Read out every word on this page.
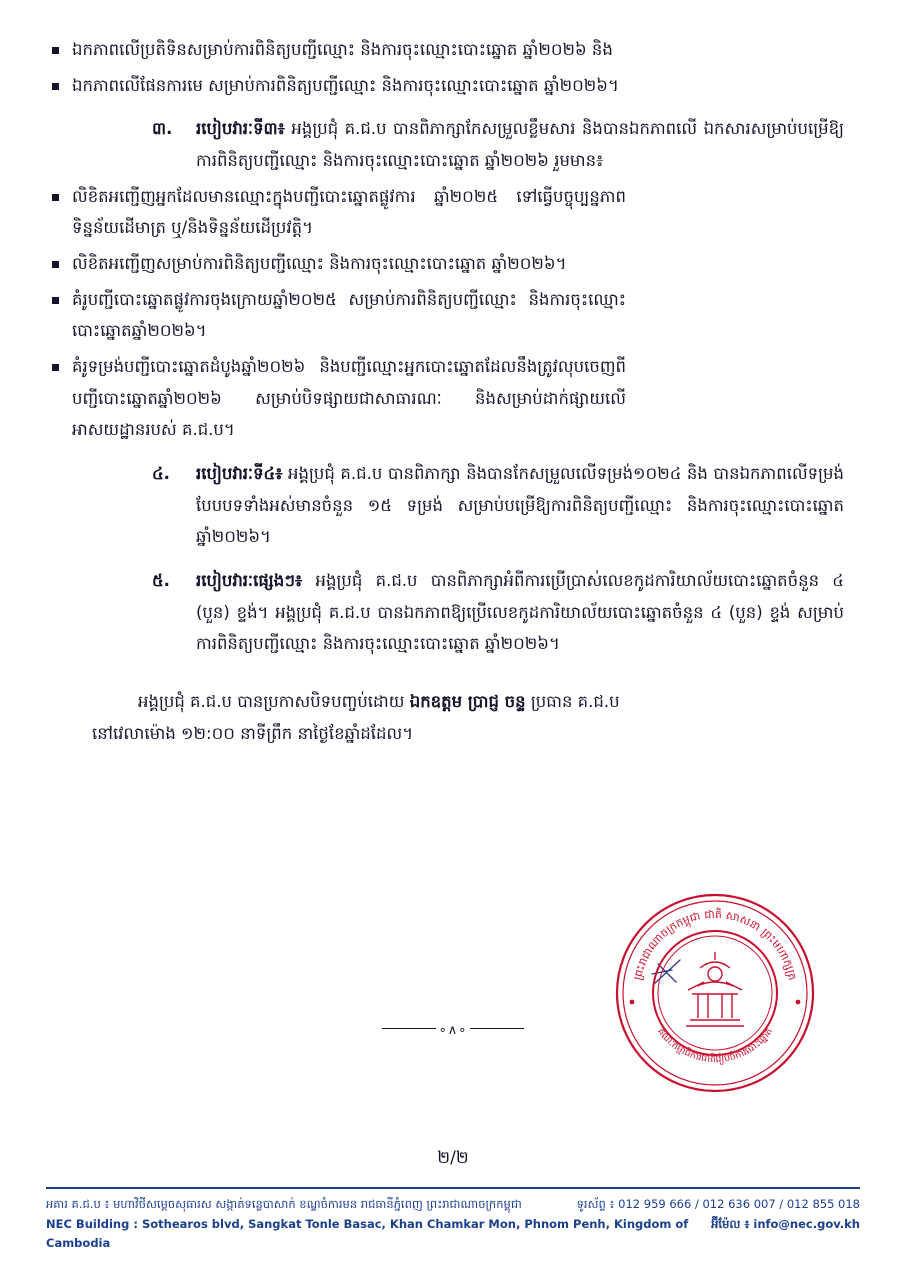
ឯកភាពលើប្រតិទិនសម្រាប់ការពិនិត្យបញ្ជីឈ្មោះ និងការចុះឈ្មោះបោះឆ្នោត ឆ្នាំ២០២៦ និង
ឯកភាពលើផែនការមេ សម្រាប់ការពិនិត្យបញ្ជីឈ្មោះ និងការចុះឈ្មោះបោះឆ្នោត ឆ្នាំ២០២៦។
៣. របៀបវារៈទី៣៖ អង្គប្រជុំ គ.ជ.ប បានពិភាក្សាកែសម្រួលខ្លឹមសារ និងបានឯកភាពលើ ឯកសារសម្រាប់បម្រើឱ្យការពិនិត្យបញ្ជីឈ្មោះ និងការចុះឈ្មោះបោះឆ្នោត ឆ្នាំ២០២៦ រួមមាន៖
លិខិតអញ្ជើញអ្នកដែលមានឈ្មោះក្នុងបញ្ជីបោះឆ្នោតផ្លូវការ ឆ្នាំ២០២៥ ទៅធ្វើបច្ចុប្បន្នភាពទិន្នន័យដើមាត្រ ឬ/និងទិន្នន័យដើប្រវត្តិ។
លិខិតអញ្ជើញសម្រាប់ការពិនិត្យបញ្ជីឈ្មោះ និងការចុះឈ្មោះបោះឆ្នោត ឆ្នាំ២០២៦។
គំរូបញ្ជីបោះឆ្នោតផ្លូវការចុងក្រោយឆ្នាំ២០២៥ សម្រាប់ការពិនិត្យបញ្ជីឈ្មោះ និងការចុះឈ្មោះបោះឆ្នោតឆ្នាំ២០២៦។
គំរូទម្រង់បញ្ជីបោះឆ្នោតដំបូងឆ្នាំ២០២៦ និងបញ្ជីឈ្មោះអ្នកបោះឆ្នោតដែលនឹងត្រូវលុបចេញពីបញ្ជីបោះឆ្នោតឆ្នាំ២០២៦ សម្រាប់បិទផ្សាយជាសាធារណៈ និងសម្រាប់ដាក់ផ្សាយលើអាសយដ្ឋានរបស់ គ.ជ.ប។
៤. របៀបវារៈទី៤៖ អង្គប្រជុំ គ.ជ.ប បានពិភាក្សា និងបានកែសម្រួលលើទម្រង់១០២៤ និង បានឯកភាពលើទម្រង់បែបបទទាំងអស់មានចំនួន ១៥ ទម្រង់ សម្រាប់បម្រើឱ្យការពិនិត្យបញ្ជីឈ្មោះ និងការចុះឈ្មោះបោះឆ្នោត ឆ្នាំ២០២៦។
៥. របៀបវារៈផ្សេងៗ៖ អង្គប្រជុំ គ.ជ.ប បានពិភាក្សាអំពីការប្រើប្រាស់លេខកូដការិយាល័យបោះឆ្នោតចំនួន ៤ (បួន) ខ្ទង់។ អង្គប្រជុំ គ.ជ.ប បានឯកភាពឱ្យប្រើលេខកូដការិយាល័យបោះឆ្នោតចំនួន ៤ (បួន) ខ្ទង់ សម្រាប់ការពិនិត្យបញ្ជីឈ្មោះ និងការចុះឈ្មោះបោះឆ្នោត ឆ្នាំ២០២៦។
អង្គប្រជុំ គ.ជ.ប បានប្រកាសបិទបញ្ចប់ដោយ ឯកឧត្តម ប្រាជ្ញ ចន្ទ ប្រធាន គ.ជ.ប
នៅវេលាម៉ោង ១២:០០ នាទីព្រឹក នាថ្ងៃខែឆ្នាំដដែល។
ព្រះរាជាណាចក្រកម្ពុជា ជាតិ សាសនា ព្រះមហាក្សត្រ
គណៈកម្មាធិការជាតិរៀបចំការបោះឆ្នោត
∘∧∘
២/២
អគារ គ.ជ.ប ៖ មហាវិថីសម្តេចសុធារស សង្កាត់ទន្លេបាសាក់ ខណ្ឌចំការមន រាជធានីភ្នំពេញ ព្រះរាជាណាចក្រកម្ពុជា	ទូរស័ព្ទ ៖ 012 959 666 / 012 636 007 / 012 855 018
NEC Building : Sothearos blvd, Sangkat Tonle Basac, Khan Chamkar Mon, Phnom Penh, Kingdom of Cambodia
អ៊ីម៉ែល ៖ info@nec.gov.kh
